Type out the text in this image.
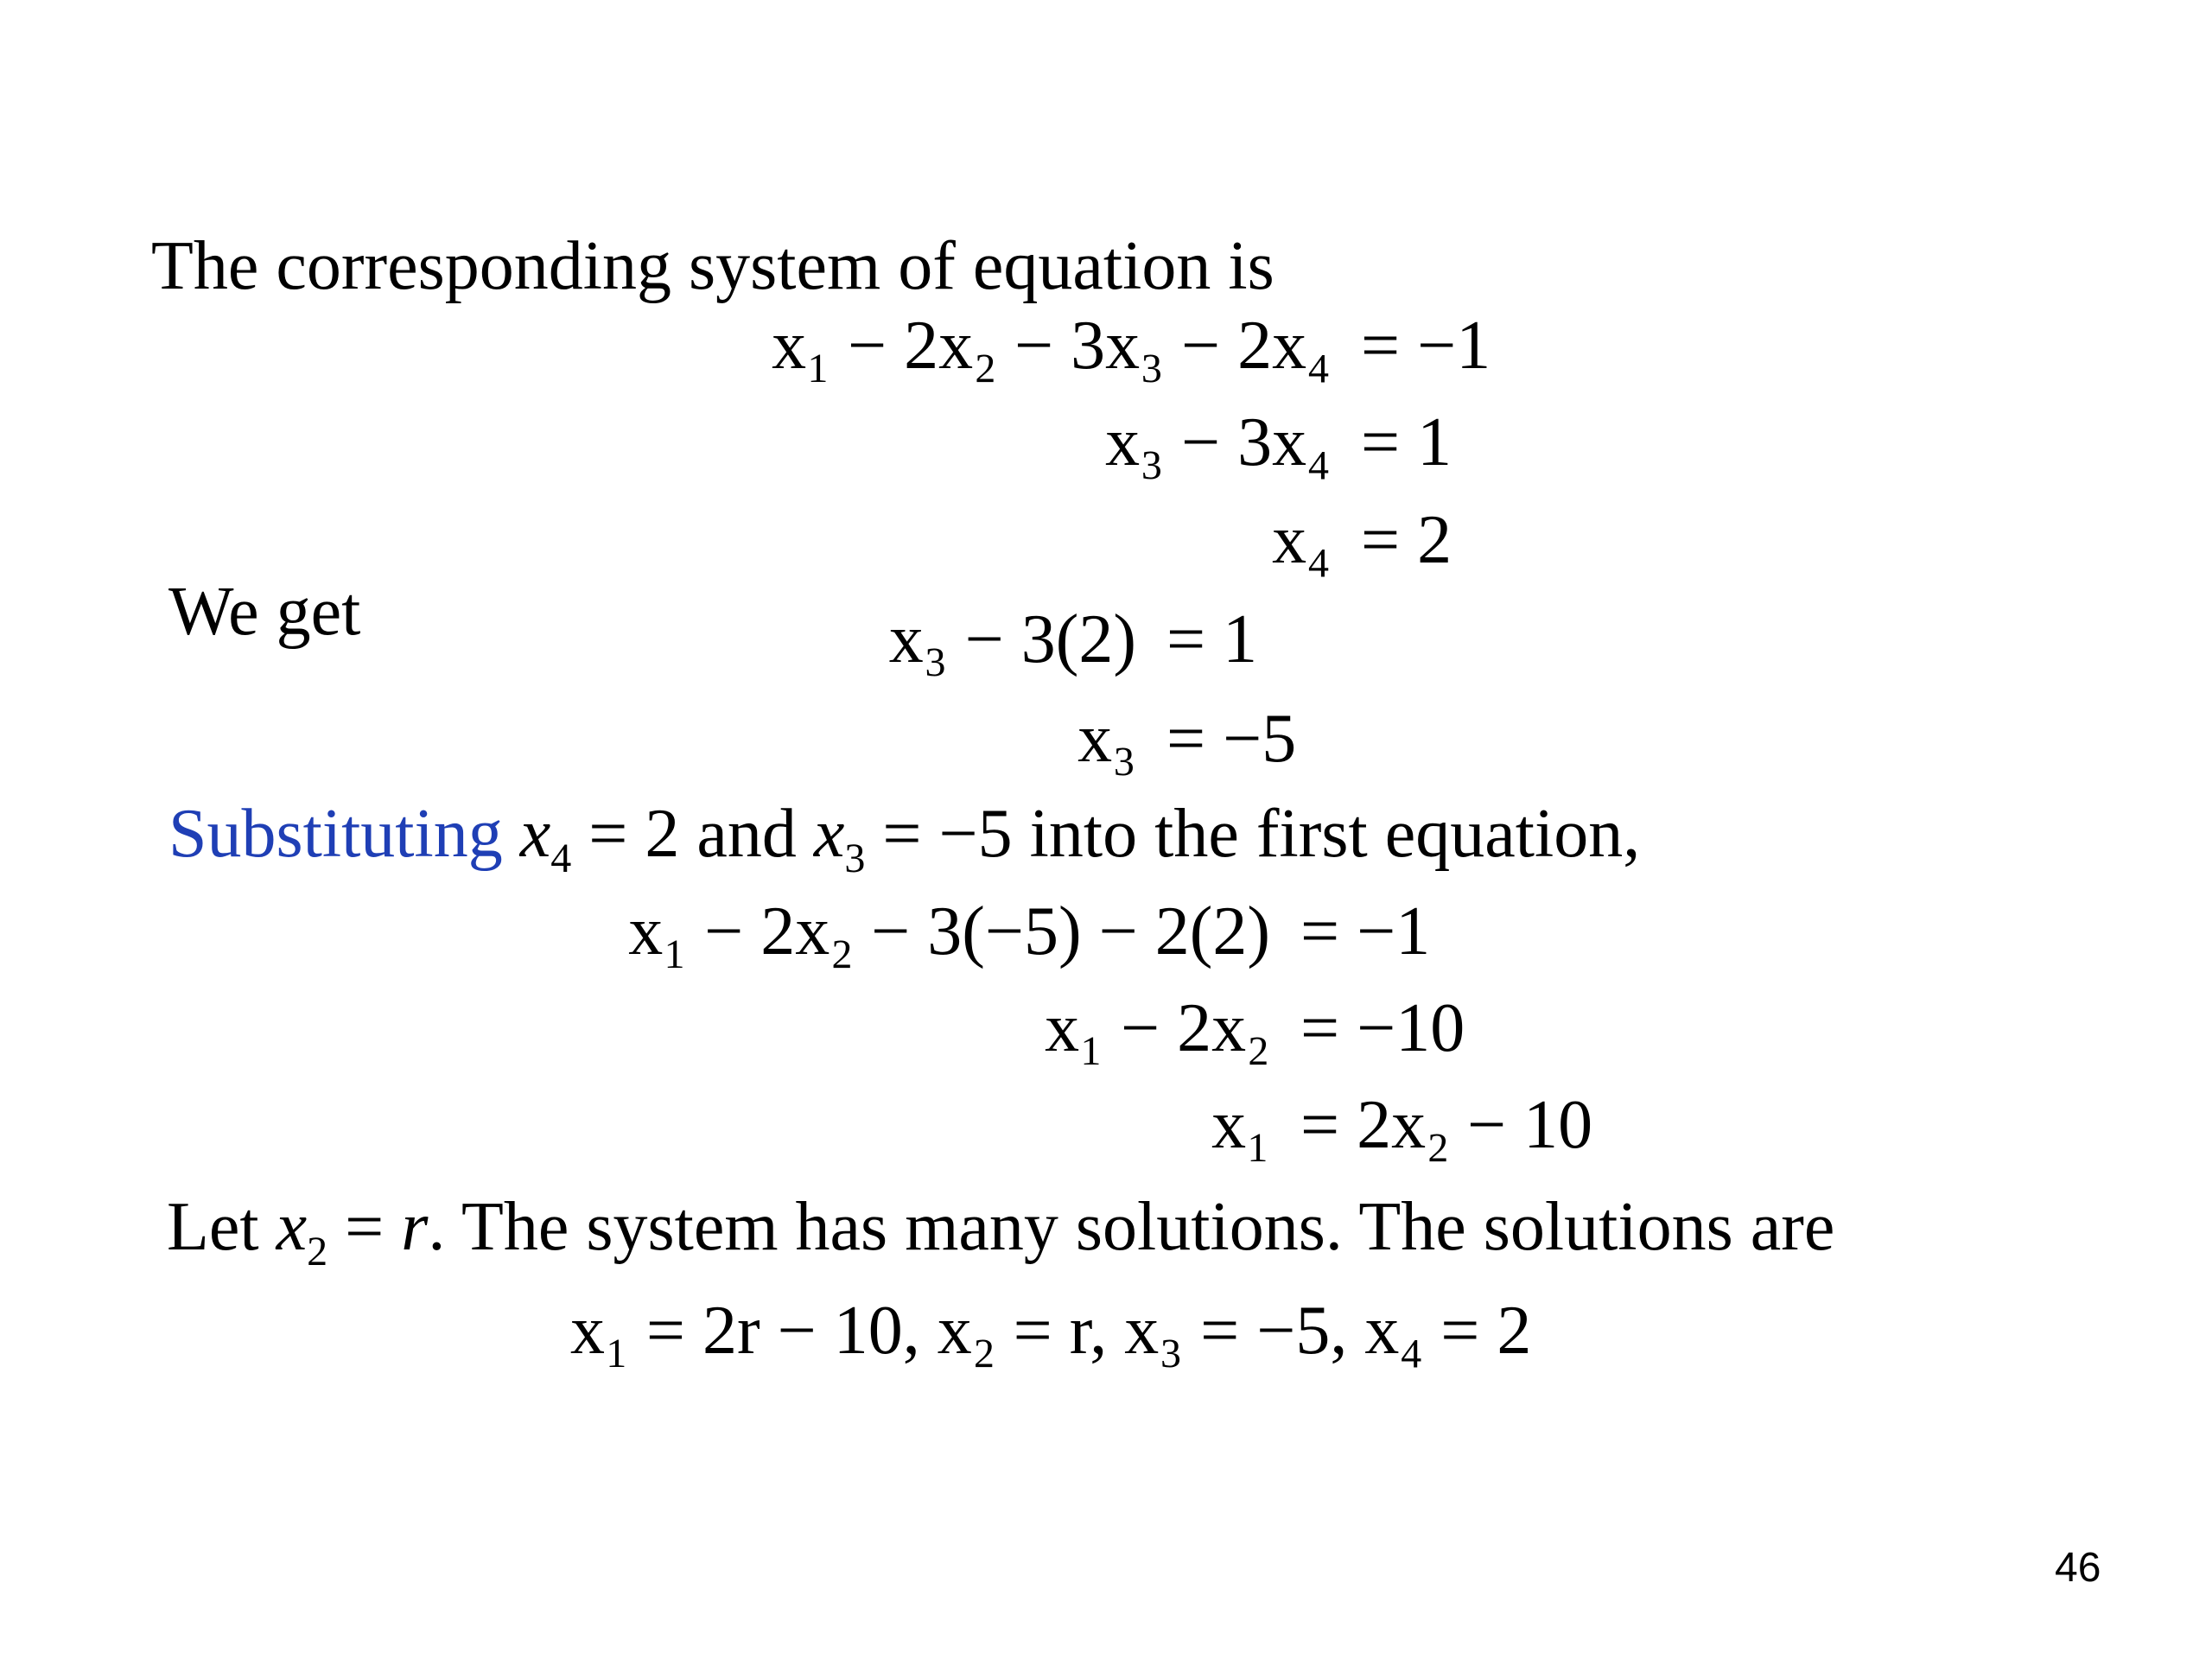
The corresponding system of equation is
x₁ − 2x₂ − 3x₃ − 2x₄ = −1
x₃ − 3x₄ = 1
x₄ = 2
We get	x₃ − 3(2) = 1
x₃ = −5
Substituting $x_4 = 2$ and $x_3 = -5$ into the first equation,
x₁ − 2x₂ − 3(−5) − 2(2) = −1
x₁ − 2x₂ = −10
x₁ = 2x₂ − 10
Let $x_2 = r$. The system has many solutions. The solutions are
x₁ = 2r − 10, x₂ = r, x₃ = −5, x₄ = 2
46
